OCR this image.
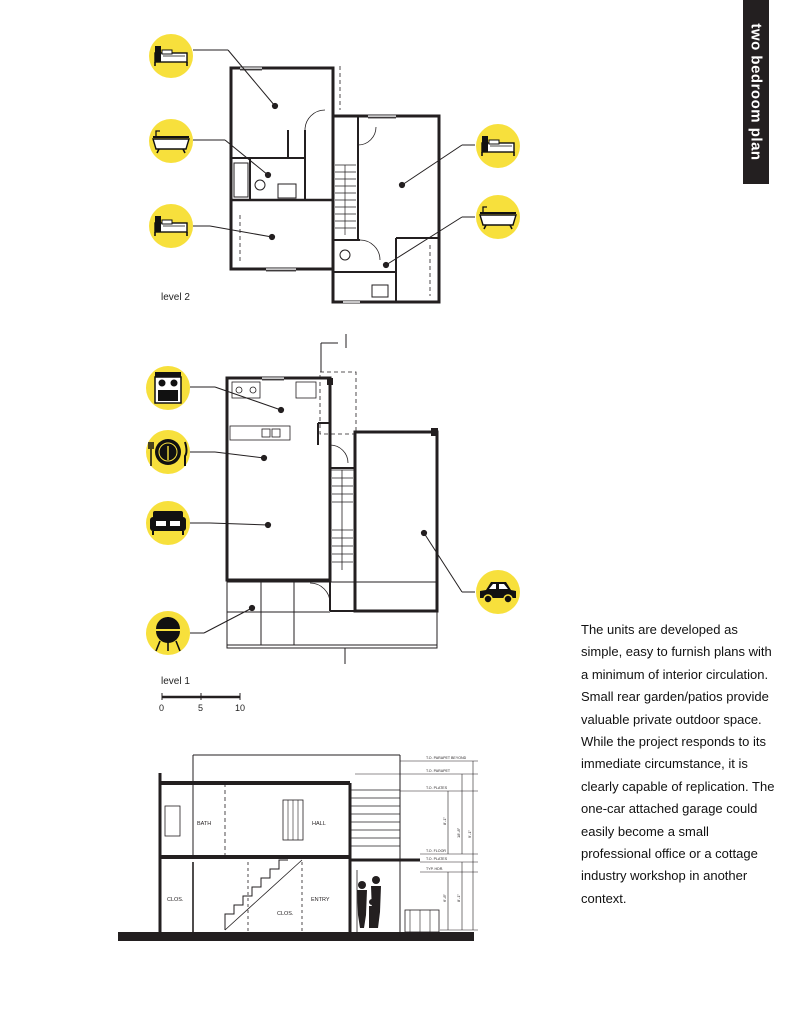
two bedroom plan
BATH	HALL
CLOS.
CLOS.
ENTRY
T.O. PARAPET BEYOND
T.O. PARAPET
T.O. PLATES
T.O. FLOOR
T.O. PLATES
TYP. HDR.
8'-1"
18'-8" 9'-1"
6'-8" 8'-1"
level 2
level 1
0	5	10
The units are developed as simple, easy to furnish plans with a minimum of interior circulation. Small rear garden/patios provide valuable private outdoor space. While the project responds to its immediate circumstance, it is clearly capable of replication. The one-car attached garage could easily become a small professional office or a cottage industry workshop in another context.
